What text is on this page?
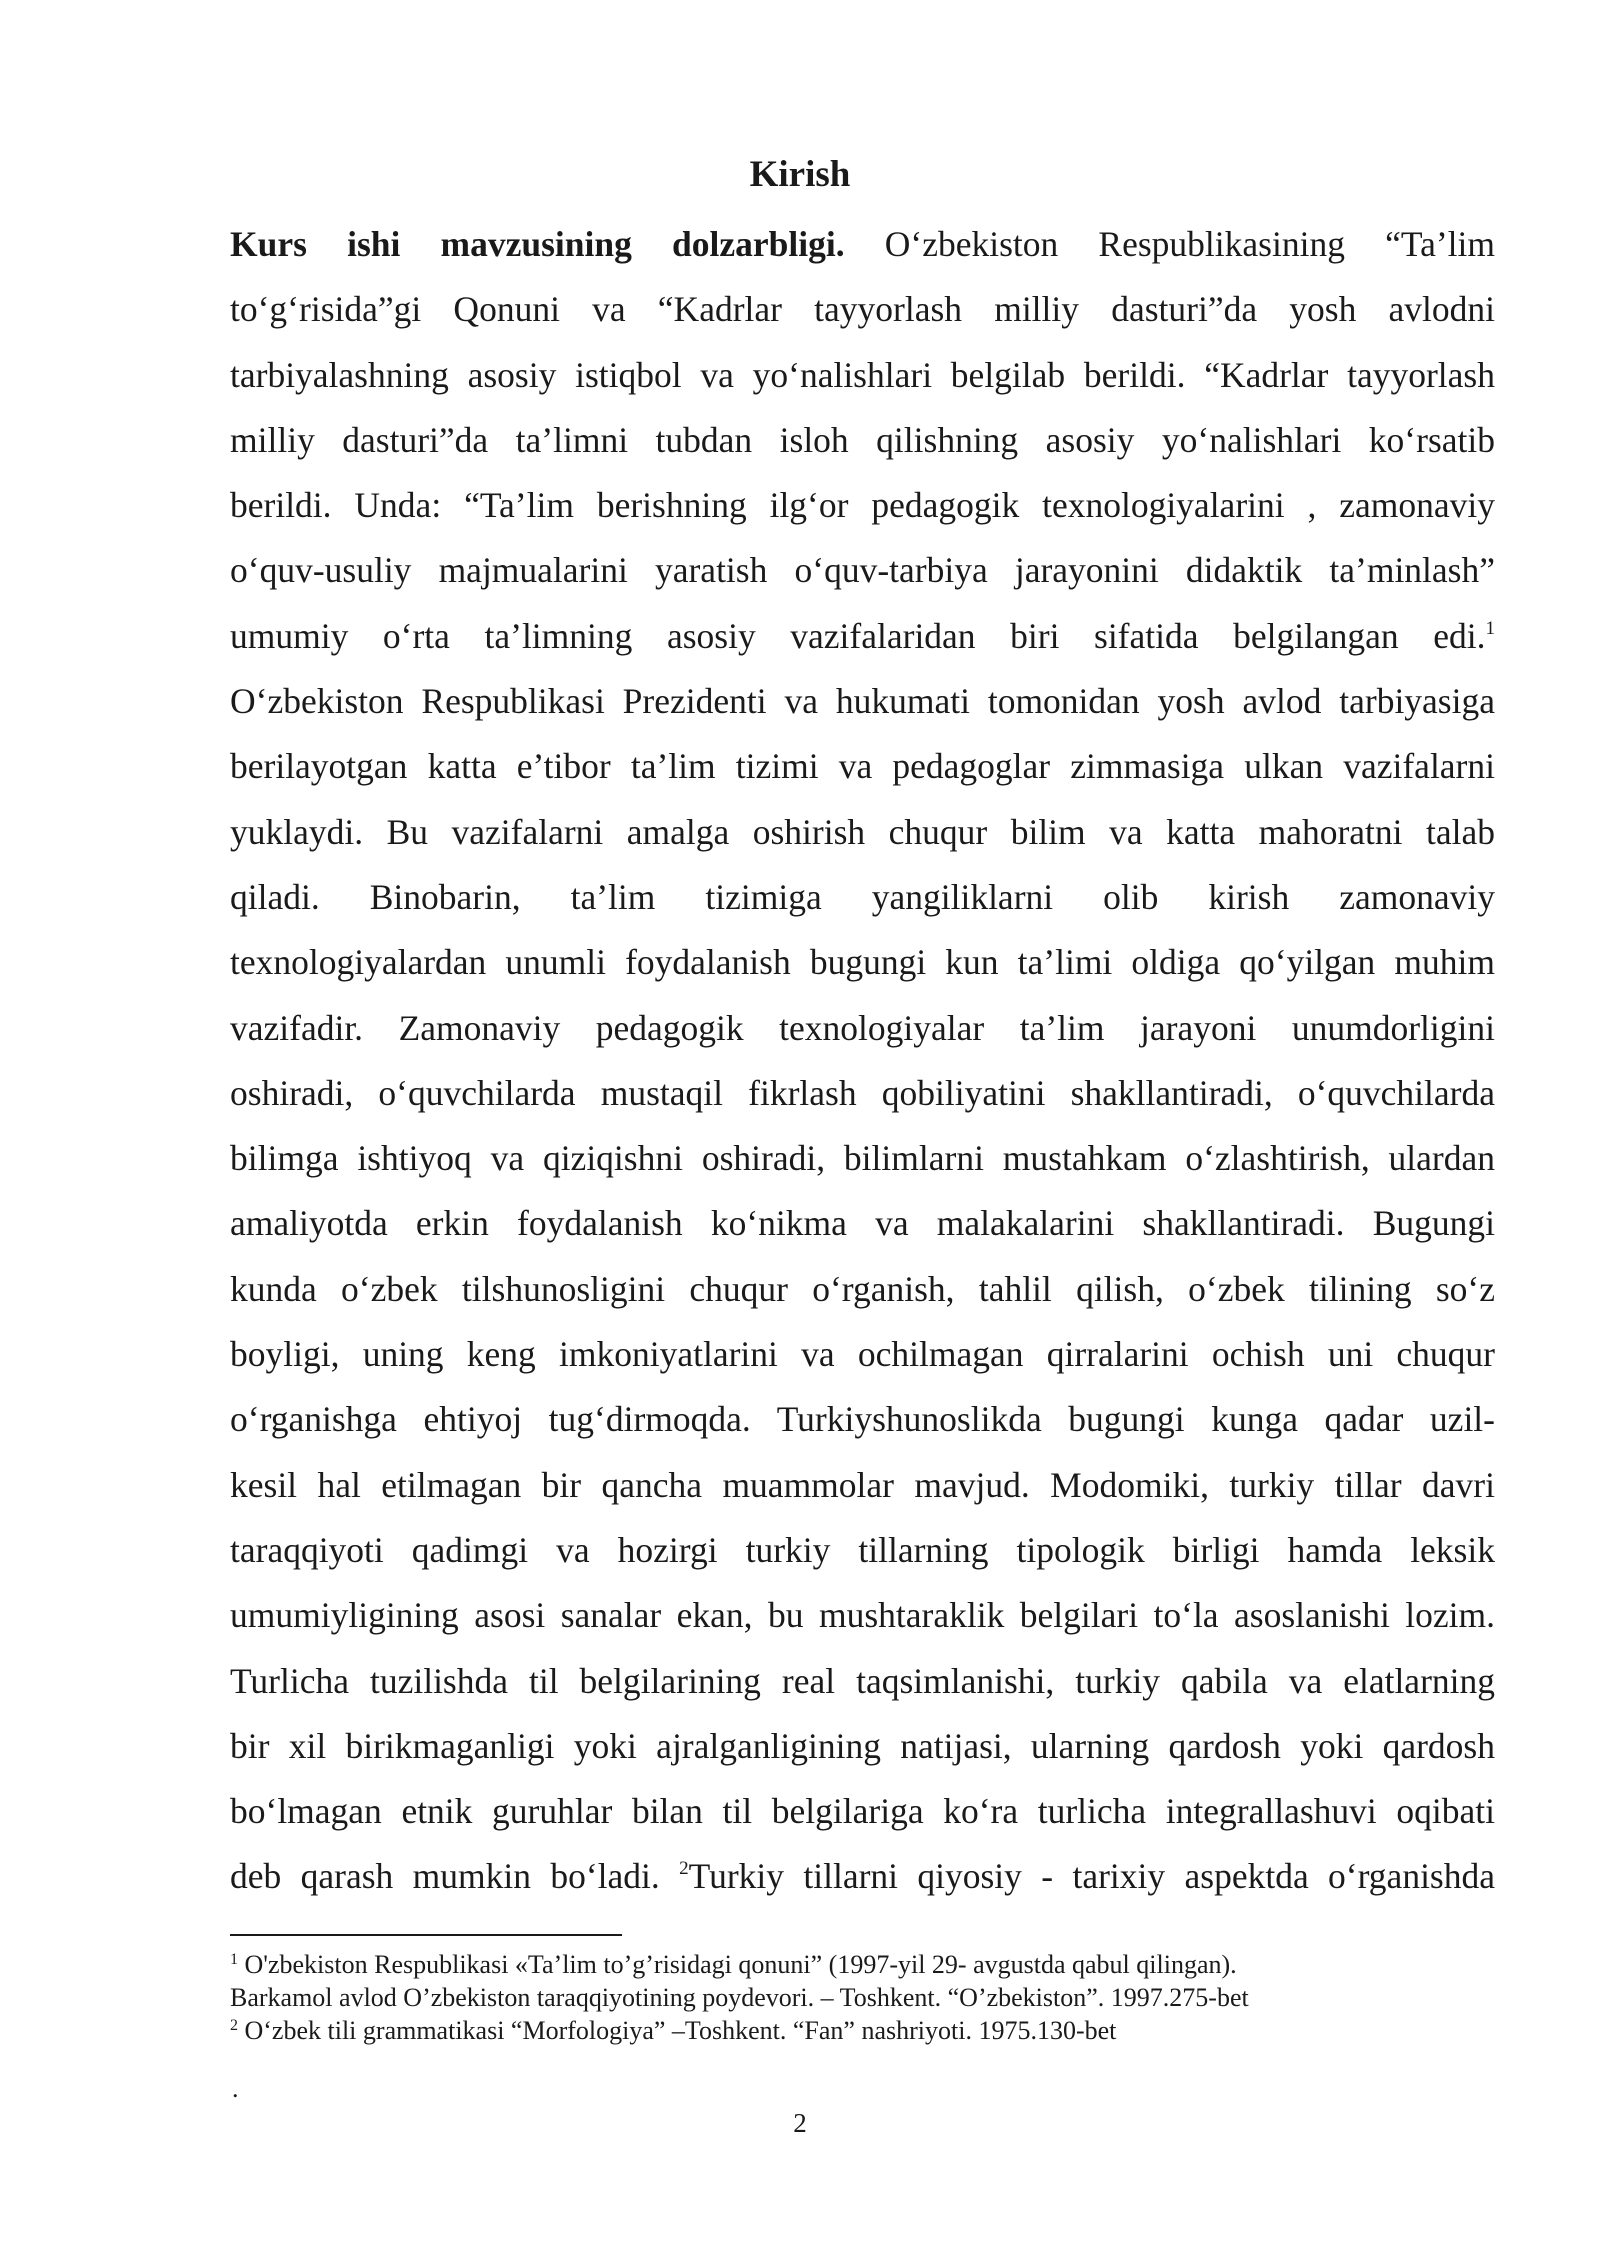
Kirish
Kurs ishi mavzusining dolzarbligi. O‘zbekiston Respublikasining “Ta’lim
to‘g‘risida”gi Qonuni va “Kadrlar tayyorlash milliy dasturi”da yosh avlodni
tarbiyalashning asosiy istiqbol va yo‘nalishlari belgilab berildi. “Kadrlar tayyorlash
milliy dasturi”da ta’limni tubdan isloh qilishning asosiy yo‘nalishlari ko‘rsatib
berildi. Unda: “Ta’lim berishning ilg‘or pedagogik texnologiyalarini , zamonaviy
o‘quv-usuliy majmualarini yaratish o‘quv-tarbiya jarayonini didaktik ta’minlash”
umumiy o‘rta ta’limning asosiy vazifalaridan biri sifatida belgilangan edi.$^1$
O‘zbekiston Respublikasi Prezidenti va hukumati tomonidan yosh avlod tarbiyasiga
berilayotgan katta e’tibor ta’lim tizimi va pedagoglar zimmasiga ulkan vazifalarni
yuklaydi. Bu vazifalarni amalga oshirish chuqur bilim va katta mahoratni talab
qiladi. Binobarin, ta’lim tizimiga yangiliklarni olib kirish zamonaviy
texnologiyalardan unumli foydalanish bugungi kun ta’limi oldiga qo‘yilgan muhim
vazifadir. Zamonaviy pedagogik texnologiyalar ta’lim jarayoni unumdorligini
oshiradi, o‘quvchilarda mustaqil fikrlash qobiliyatini shakllantiradi, o‘quvchilarda
bilimga ishtiyoq va qiziqishni oshiradi, bilimlarni mustahkam o‘zlashtirish, ulardan
amaliyotda erkin foydalanish ko‘nikma va malakalarini shakllantiradi. Bugungi
kunda o‘zbek tilshunosligini chuqur o‘rganish, tahlil qilish, o‘zbek tilining so‘z
boyligi, uning keng imkoniyatlarini va ochilmagan qirralarini ochish uni chuqur
o‘rganishga ehtiyoj tug‘dirmoqda. Turkiyshunoslikda bugungi kunga qadar uzil-
kesil hal etilmagan bir qancha muammolar mavjud. Modomiki, turkiy tillar davri
taraqqiyoti qadimgi va hozirgi turkiy tillarning tipologik birligi hamda leksik
umumiyligining asosi sanalar ekan, bu mushtaraklik belgilari to‘la asoslanishi lozim.
Turlicha tuzilishda til belgilarining real taqsimlanishi, turkiy qabila va elatlarning
bir xil birikmaganligi yoki ajralganligining natijasi, ularning qardosh yoki qardosh
bo‘lmagan etnik guruhlar bilan til belgilariga ko‘ra turlicha integrallashuvi oqibati
deb qarash mumkin bo‘ladi. $^2$Turkiy tillarni qiyosiy - tarixiy aspektda o‘rganishda
$^1$ O'zbekiston Respublikasi «Ta’lim to’g’risidagi qonuni” (1997-yil 29- avgustda qabul qilingan).
Barkamol avlod O’zbekiston taraqqiyotining poydevori. – Toshkent. “O’zbekiston”. 1997.275-bet
$^2$ O‘zbek tili grammatikasi “Morfologiya” –Toshkent. “Fan” nashriyoti. 1975.130-bet
.
2
